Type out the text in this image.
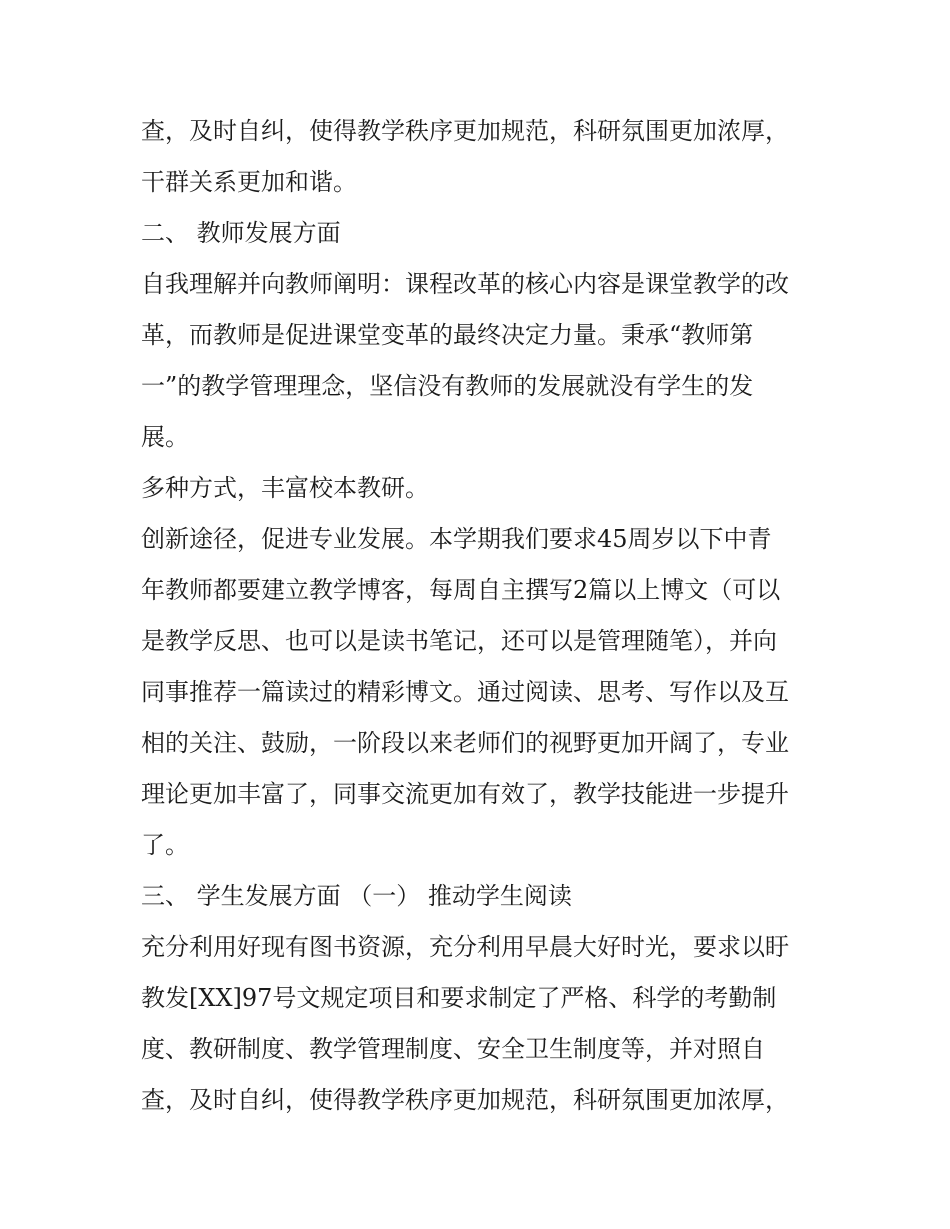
查，及时自纠，使得教学秩序更加规范，科研氛围更加浓厚，
干群关系更加和谐。
二、 教师发展方面
自我理解并向教师阐明：课程改革的核心内容是课堂教学的改
革，而教师是促进课堂变革的最终决定力量。秉承“教师第
一”的教学管理理念，坚信没有教师的发展就没有学生的发
展。
多种方式，丰富校本教研。
创新途径，促进专业发展。本学期我们要求45周岁以下中青
年教师都要建立教学博客，每周自主撰写2篇以上博文（可以
是教学反思、也可以是读书笔记，还可以是管理随笔），并向
同事推荐一篇读过的精彩博文。通过阅读、思考、写作以及互
相的关注、鼓励，一阶段以来老师们的视野更加开阔了，专业
理论更加丰富了，同事交流更加有效了，教学技能进一步提升
了。
三、 学生发展方面 （一） 推动学生阅读
充分利用好现有图书资源，充分利用早晨大好时光，要求以盱
教发[XX]97号文规定项目和要求制定了严格、科学的考勤制
度、教研制度、教学管理制度、安全卫生制度等，并对照自
查，及时自纠，使得教学秩序更加规范，科研氛围更加浓厚，
